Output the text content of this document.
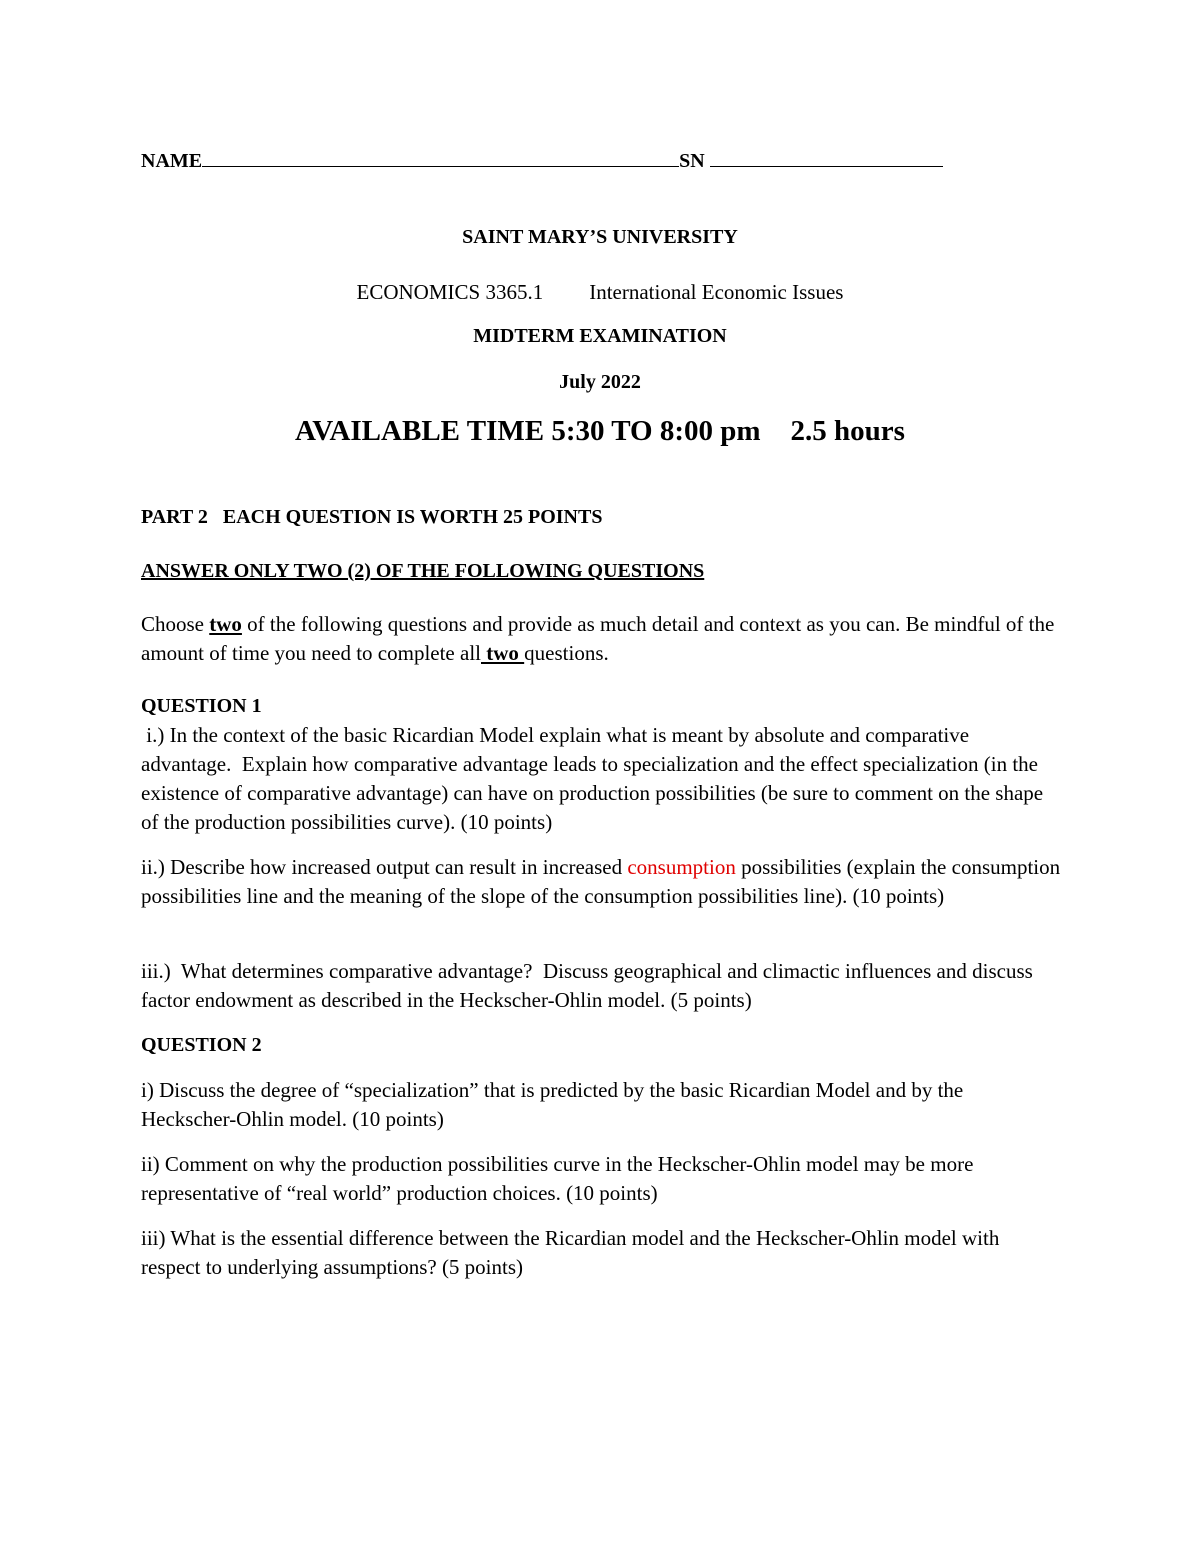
NAME	SN
SAINT MARY’S UNIVERSITY
ECONOMICS 3365.1 International Economic Issues
MIDTERM EXAMINATION
July 2022
AVAILABLE TIME 5:30 TO 8:00 pm 2.5 hours
PART 2   EACH QUESTION IS WORTH 25 POINTS
ANSWER ONLY TWO (2) OF THE FOLLOWING QUESTIONS

Choose two of the following questions and provide as much detail and context as you can. Be mindful of the amount of time you need to complete all two questions.

QUESTION 1

i.) In the context of the basic Ricardian Model explain what is meant by absolute and comparative advantage.  Explain how comparative advantage leads to specialization and the effect specialization (in the existence of comparative advantage) can have on production possibilities (be sure to comment on the shape of the production possibilities curve). (10 points)

ii.) Describe how increased output can result in increased consumption possibilities (explain the consumption possibilities line and the meaning of the slope of the consumption possibilities line). (10 points)

iii.)  What determines comparative advantage?  Discuss geographical and climactic influences and discuss factor endowment as described in the Heckscher-Ohlin model. (5 points)

QUESTION 2

i) Discuss the degree of “specialization” that is predicted by the basic Ricardian Model and by the Heckscher-Ohlin model. (10 points)

ii) Comment on why the production possibilities curve in the Heckscher-Ohlin model may be more representative of “real world” production choices. (10 points)

iii) What is the essential difference between the Ricardian model and the Heckscher-Ohlin model with respect to underlying assumptions? (5 points)
